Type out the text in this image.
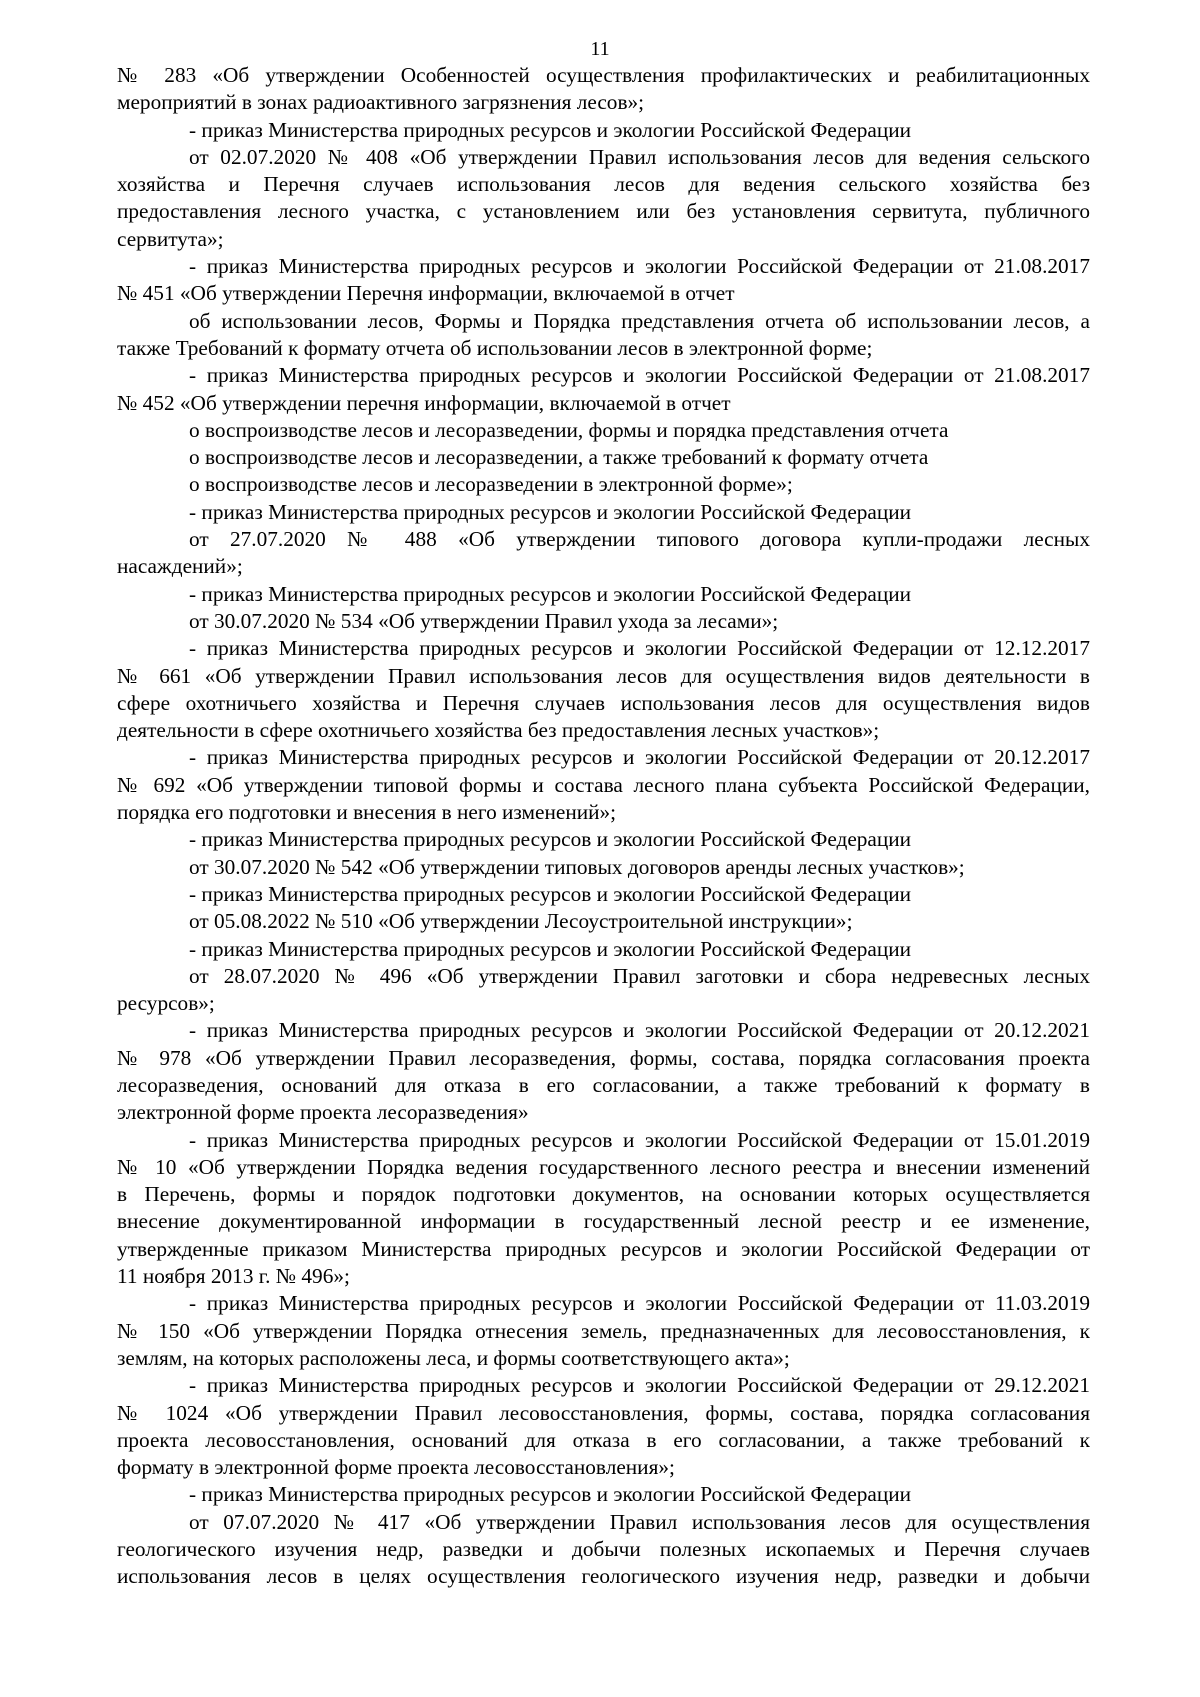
11
№ 283 «Об утверждении Особенностей осуществления профилактических и реабилитационных
мероприятий в зонах радиоактивного загрязнения лесов»;
- приказ Министерства природных ресурсов и экологии Российской Федерации
от 02.07.2020 № 408 «Об утверждении Правил использования лесов для ведения сельского
хозяйства и Перечня случаев использования лесов для ведения сельского хозяйства без
предоставления лесного участка, с установлением или без установления сервитута, публичного
сервитута»;
- приказ Министерства природных ресурсов и экологии Российской Федерации от 21.08.2017
№ 451 «Об утверждении Перечня информации, включаемой в отчет
об использовании лесов, Формы и Порядка представления отчета об использовании лесов, а
также Требований к формату отчета об использовании лесов в электронной форме;
- приказ Министерства природных ресурсов и экологии Российской Федерации от 21.08.2017
№ 452 «Об утверждении перечня информации, включаемой в отчет
о воспроизводстве лесов и лесоразведении, формы и порядка представления отчета
о воспроизводстве лесов и лесоразведении, а также требований к формату отчета
о воспроизводстве лесов и лесоразведении в электронной форме»;
- приказ Министерства природных ресурсов и экологии Российской Федерации
от 27.07.2020 № 488 «Об утверждении типового договора купли-продажи лесных
насаждений»;
- приказ Министерства природных ресурсов и экологии Российской Федерации
от 30.07.2020 № 534 «Об утверждении Правил ухода за лесами»;
- приказ Министерства природных ресурсов и экологии Российской Федерации от 12.12.2017
№ 661 «Об утверждении Правил использования лесов для осуществления видов деятельности в
сфере охотничьего хозяйства и Перечня случаев использования лесов для осуществления видов
деятельности в сфере охотничьего хозяйства без предоставления лесных участков»;
- приказ Министерства природных ресурсов и экологии Российской Федерации от 20.12.2017
№ 692 «Об утверждении типовой формы и состава лесного плана субъекта Российской Федерации,
порядка его подготовки и внесения в него изменений»;
- приказ Министерства природных ресурсов и экологии Российской Федерации
от 30.07.2020 № 542 «Об утверждении типовых договоров аренды лесных участков»;
- приказ Министерства природных ресурсов и экологии Российской Федерации
от 05.08.2022 № 510 «Об утверждении Лесоустроительной инструкции»;
- приказ Министерства природных ресурсов и экологии Российской Федерации
от 28.07.2020 № 496 «Об утверждении Правил заготовки и сбора недревесных лесных
ресурсов»;
- приказ Министерства природных ресурсов и экологии Российской Федерации от 20.12.2021
№ 978 «Об утверждении Правил лесоразведения, формы, состава, порядка согласования проекта
лесоразведения, оснований для отказа в его согласовании, а также требований к формату в
электронной форме проекта лесоразведения»
- приказ Министерства природных ресурсов и экологии Российской Федерации от 15.01.2019
№ 10 «Об утверждении Порядка ведения государственного лесного реестра и внесении изменений
в Перечень, формы и порядок подготовки документов, на основании которых осуществляется
внесение документированной информации в государственный лесной реестр и ее изменение,
утвержденные приказом Министерства природных ресурсов и экологии Российской Федерации от
11 ноября 2013 г. № 496»;
- приказ Министерства природных ресурсов и экологии Российской Федерации от 11.03.2019
№ 150 «Об утверждении Порядка отнесения земель, предназначенных для лесовосстановления, к
землям, на которых расположены леса, и формы соответствующего акта»;
- приказ Министерства природных ресурсов и экологии Российской Федерации от 29.12.2021
№ 1024 «Об утверждении Правил лесовосстановления, формы, состава, порядка согласования
проекта лесовосстановления, оснований для отказа в его согласовании, а также требований к
формату в электронной форме проекта лесовосстановления»;
- приказ Министерства природных ресурсов и экологии Российской Федерации
от 07.07.2020 № 417 «Об утверждении Правил использования лесов для осуществления
геологического изучения недр, разведки и добычи полезных ископаемых и Перечня случаев
использования лесов в целях осуществления геологического изучения недр, разведки и добычи
